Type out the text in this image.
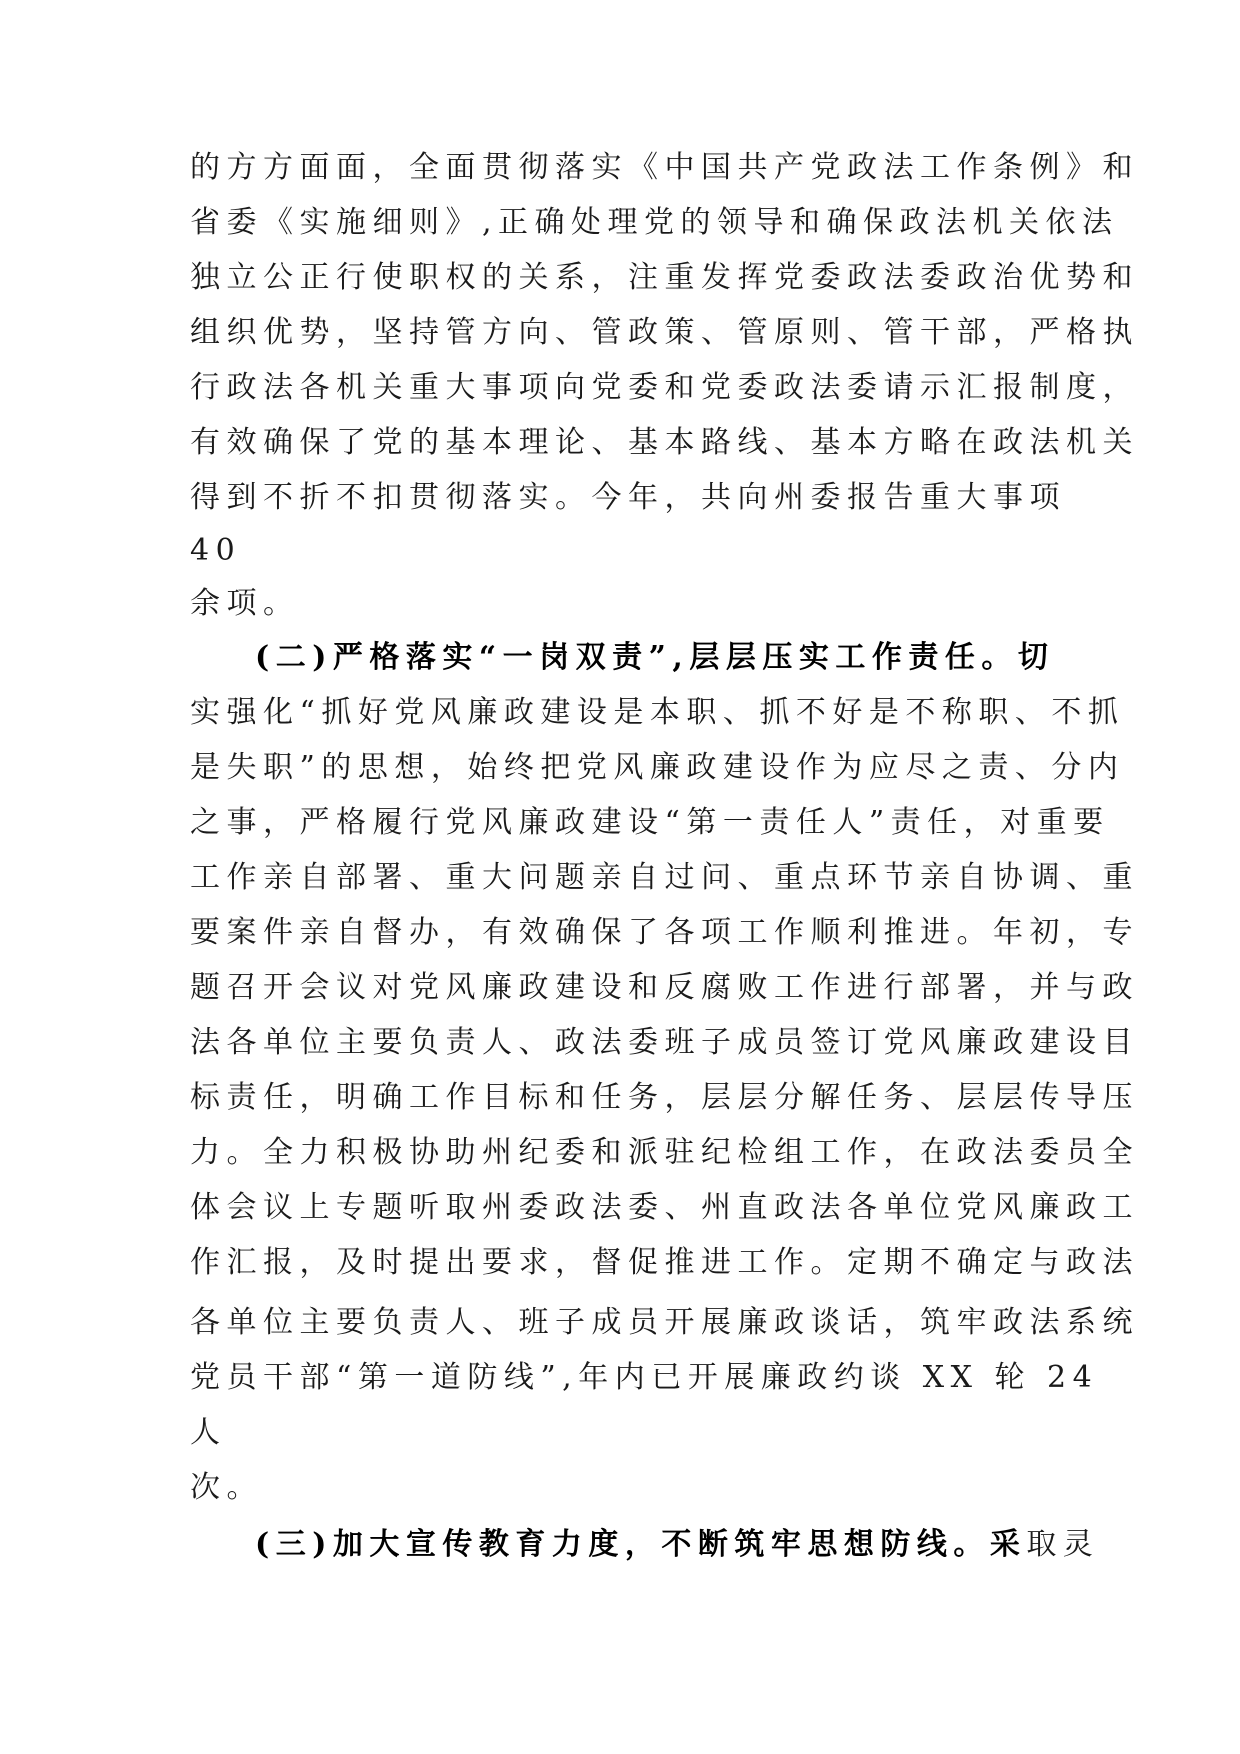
的方方面面，全面贯彻落实《中国共产党政法工作条例》和
省委《实施细则》,正确处理党的领导和确保政法机关依法
独立公正行使职权的关系，注重发挥党委政法委政治优势和
组织优势，坚持管方向、管政策、管原则、管干部，严格执
行政法各机关重大事项向党委和党委政法委请示汇报制度，
有效确保了党的基本理论、基本路线、基本方略在政法机关
得到不折不扣贯彻落实。今年，共向州委报告重大事项
40
余项。
(二)严格落实“一岗双责”,层层压实工作责任。切
实强化“抓好党风廉政建设是本职、抓不好是不称职、不抓
是失职”的思想，始终把党风廉政建设作为应尽之责、分内
之事，严格履行党风廉政建设“第一责任人”责任，对重要
工作亲自部署、重大问题亲自过问、重点环节亲自协调、重
要案件亲自督办，有效确保了各项工作顺利推进。年初，专
题召开会议对党风廉政建设和反腐败工作进行部署，并与政
法各单位主要负责人、政法委班子成员签订党风廉政建设目
标责任，明确工作目标和任务，层层分解任务、层层传导压
力。全力积极协助州纪委和派驻纪检组工作，在政法委员全
体会议上专题听取州委政法委、州直政法各单位党风廉政工
作汇报，及时提出要求，督促推进工作。定期不确定与政法
各单位主要负责人、班子成员开展廉政谈话，筑牢政法系统
党员干部“第一道防线”,年内已开展廉政约谈 XX 轮 24
人
次。
(三)加大宣传教育力度，不断筑牢思想防线。采取灵
